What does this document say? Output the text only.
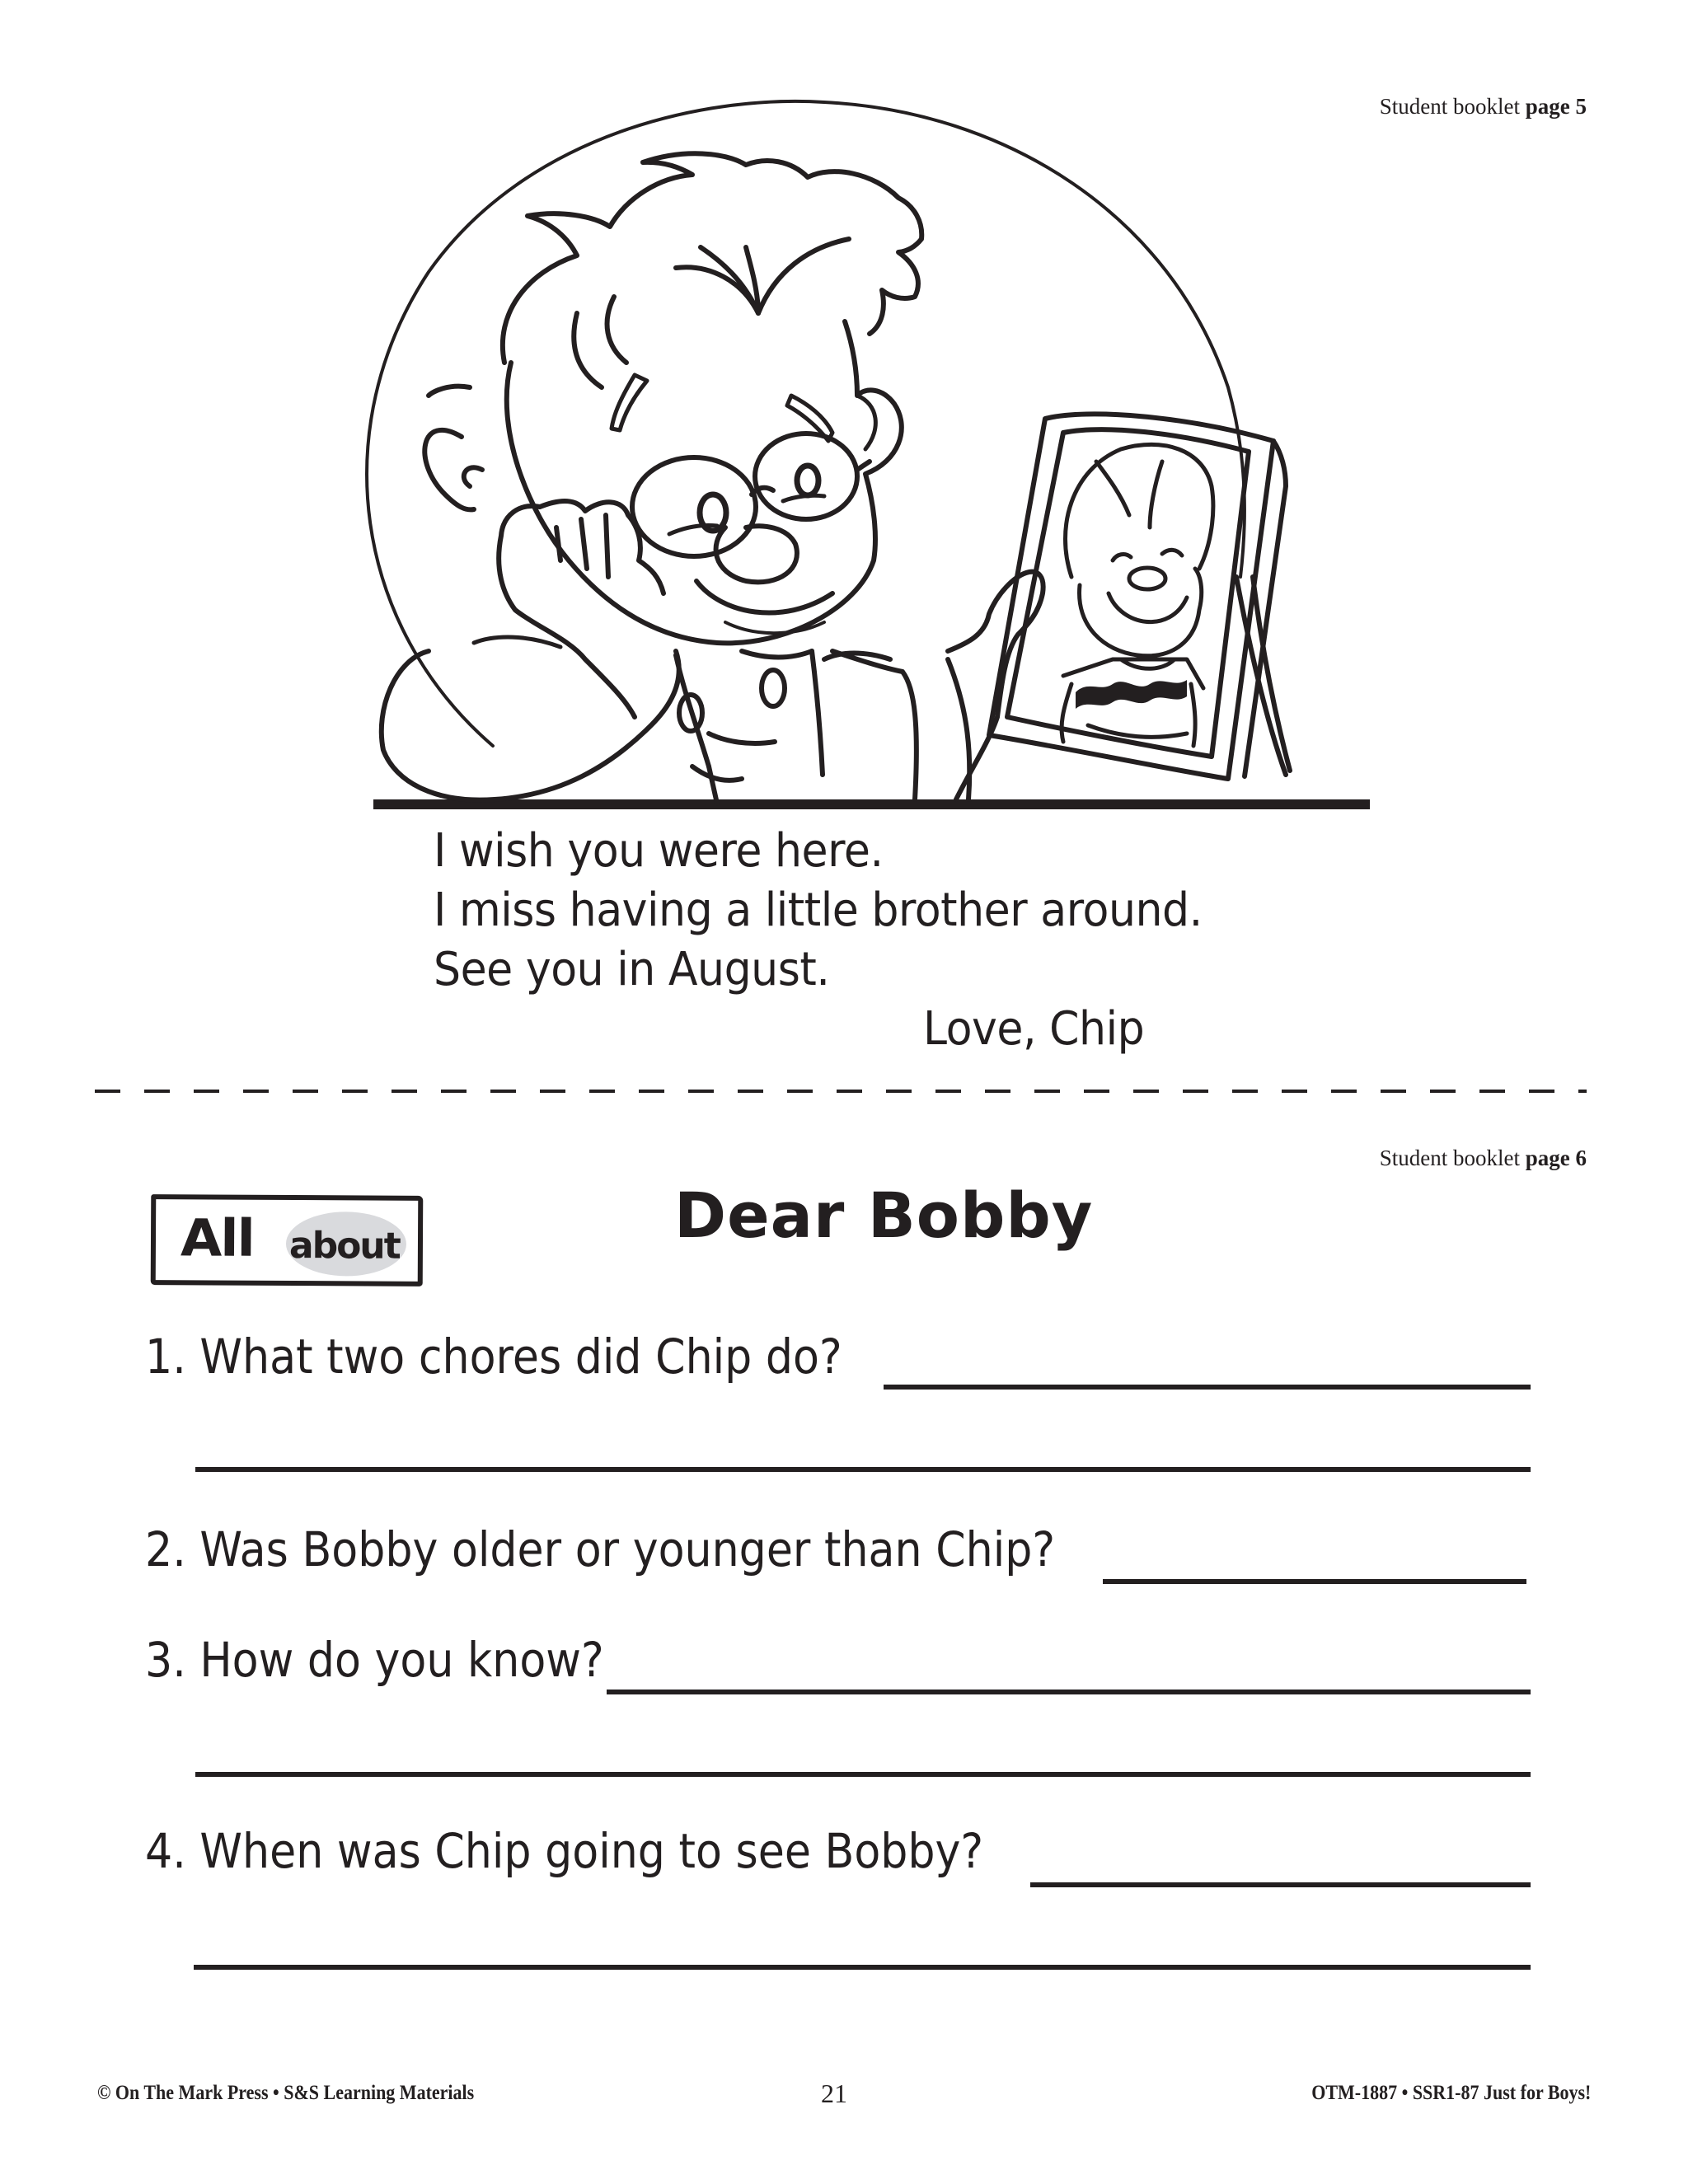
Student booklet page 5
I wish you were here.
I miss having a little brother around.
See you in August.
Love, Chip
Student booklet page 6
All about	Dear Bobby
1. What two chores did Chip do?
2. Was Bobby older or younger than Chip?
3. How do you know?
4. When was Chip going to see Bobby?
© On The Mark Press • S&S Learning Materials	21	OTM-1887 • SSR1-87 Just for Boys!
